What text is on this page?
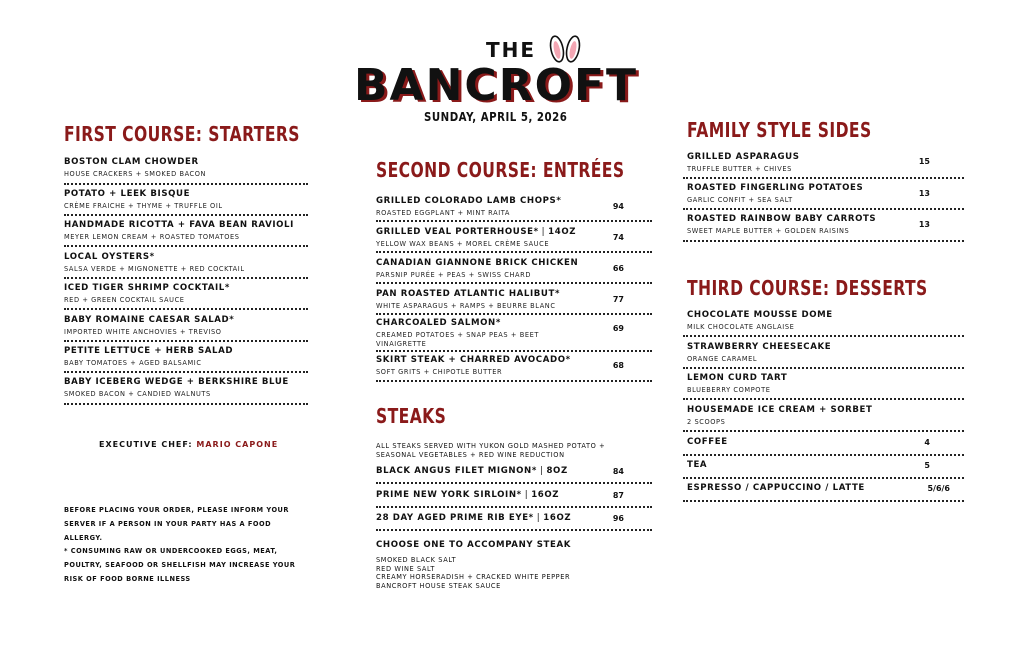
THE
BANCROFT
SUNDAY, APRIL 5, 2026
FIRST COURSE: STARTERS
BOSTON CLAM CHOWDER
HOUSE CRACKERS + SMOKED BACON
POTATO + LEEK BISQUE
CRÈME FRAICHE + THYME + TRUFFLE OIL
HANDMADE RICOTTA + FAVA BEAN RAVIOLI
MEYER LEMON CREAM + ROASTED TOMATOES
LOCAL OYSTERS*
SALSA VERDE + MIGNONETTE + RED COCKTAIL
ICED TIGER SHRIMP COCKTAIL*
RED + GREEN COCKTAIL SAUCE
BABY ROMAINE CAESAR SALAD*
IMPORTED WHITE ANCHOVIES + TREVISO
PETITE LETTUCE + HERB SALAD
BABY TOMATOES + AGED BALSAMIC
BABY ICEBERG WEDGE + BERKSHIRE BLUE
SMOKED BACON + CANDIED WALNUTS
EXECUTIVE CHEF: MARIO CAPONE
BEFORE PLACING YOUR ORDER, PLEASE INFORM YOUR SERVER IF A PERSON IN YOUR PARTY HAS A FOOD ALLERGY.
* CONSUMING RAW OR UNDERCOOKED EGGS, MEAT, POULTRY, SEAFOOD OR SHELLFISH MAY INCREASE YOUR RISK OF FOOD BORNE ILLNESS
SECOND COURSE: ENTRÉES
GRILLED COLORADO LAMB CHOPS*
ROASTED EGGPLANT + MINT RAITA
94
GRILLED VEAL PORTERHOUSE* | 14OZ
YELLOW WAX BEANS + MOREL CRÈME SAUCE
74
CANADIAN GIANNONE BRICK CHICKEN
PARSNIP PURÉE + PEAS + SWISS CHARD
66
PAN ROASTED ATLANTIC HALIBUT*
WHITE ASPARAGUS + RAMPS + BEURRE BLANC
77
CHARCOALED SALMON*
CREAMED POTATOES + SNAP PEAS + BEET VINAIGRETTE
69
SKIRT STEAK + CHARRED AVOCADO*
SOFT GRITS + CHIPOTLE BUTTER
68
STEAKS
ALL STEAKS SERVED WITH YUKON GOLD MASHED POTATO + SEASONAL VEGETABLES + RED WINE REDUCTION
BLACK ANGUS FILET MIGNON* | 8OZ	84
PRIME NEW YORK SIRLOIN* | 16OZ	87
28 DAY AGED PRIME RIB EYE* | 16OZ	96
CHOOSE ONE TO ACCOMPANY STEAK
SMOKED BLACK SALT
RED WINE SALT
CREAMY HORSERADISH + CRACKED WHITE PEPPER
BANCROFT HOUSE STEAK SAUCE
FAMILY STYLE SIDES
GRILLED ASPARAGUS
TRUFFLE BUTTER + CHIVES
15
ROASTED FINGERLING POTATOES
GARLIC CONFIT + SEA SALT
13
ROASTED RAINBOW BABY CARROTS
SWEET MAPLE BUTTER + GOLDEN RAISINS
13
THIRD COURSE: DESSERTS
CHOCOLATE MOUSSE DOME
MILK CHOCOLATE ANGLAISE
STRAWBERRY CHEESECAKE
ORANGE CARAMEL
LEMON CURD TART
BLUEBERRY COMPOTE
HOUSEMADE ICE CREAM + SORBET
2 SCOOPS
COFFEE	4
TEA	5
ESPRESSO / CAPPUCCINO / LATTE	5/6/6
